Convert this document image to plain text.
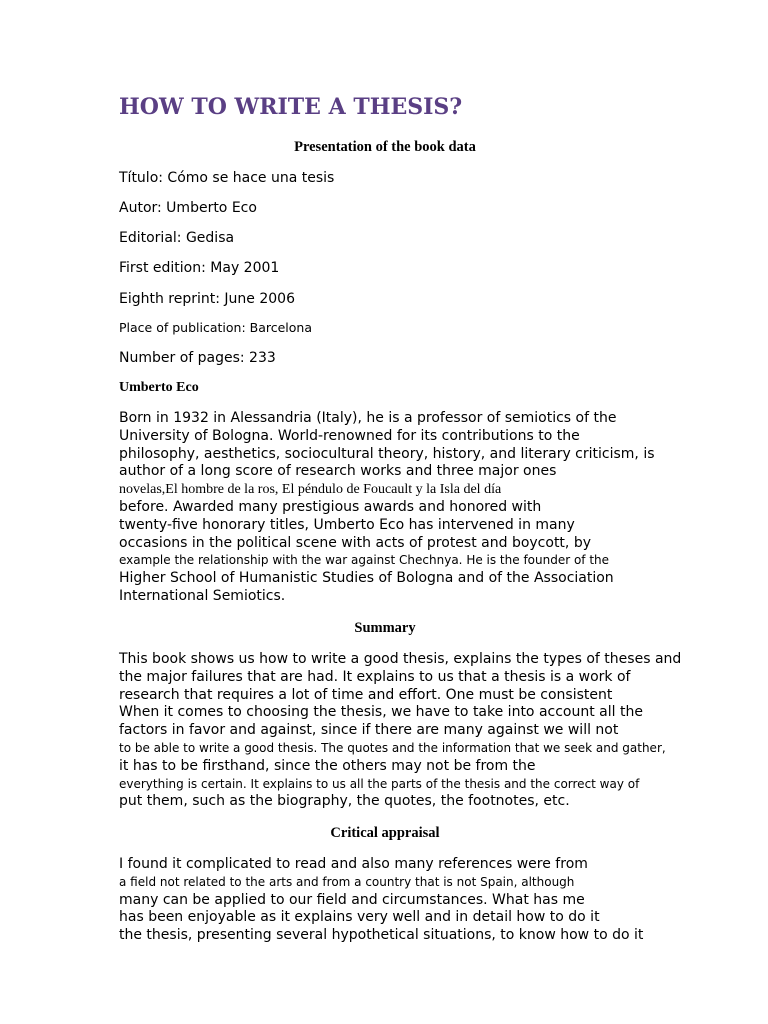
HOW TO WRITE A THESIS?
Presentation of the book data
Título: Cómo se hace una tesis
Autor: Umberto Eco
Editorial: Gedisa
First edition: May 2001
Eighth reprint: June 2006
Place of publication: Barcelona
Number of pages: 233
Umberto Eco
Born in 1932 in Alessandria (Italy), he is a professor of semiotics of the
University of Bologna. World-renowned for its contributions to the
philosophy, aesthetics, sociocultural theory, history, and literary criticism, is
author of a long score of research works and three major ones
novelas,El hombre de la ros, El péndulo de Foucault y la Isla del día
before. Awarded many prestigious awards and honored with
twenty-five honorary titles, Umberto Eco has intervened in many
occasions in the political scene with acts of protest and boycott, by
example the relationship with the war against Chechnya. He is the founder of the
Higher School of Humanistic Studies of Bologna and of the Association
International Semiotics.
Summary
This book shows us how to write a good thesis, explains the types of theses and
the major failures that are had. It explains to us that a thesis is a work of
research that requires a lot of time and effort. One must be consistent
When it comes to choosing the thesis, we have to take into account all the
factors in favor and against, since if there are many against we will not
to be able to write a good thesis. The quotes and the information that we seek and gather,
it has to be firsthand, since the others may not be from the
everything is certain. It explains to us all the parts of the thesis and the correct way of
put them, such as the biography, the quotes, the footnotes, etc.
Critical appraisal
I found it complicated to read and also many references were from
a field not related to the arts and from a country that is not Spain, although
many can be applied to our field and circumstances. What has me
has been enjoyable as it explains very well and in detail how to do it
the thesis, presenting several hypothetical situations, to know how to do it
